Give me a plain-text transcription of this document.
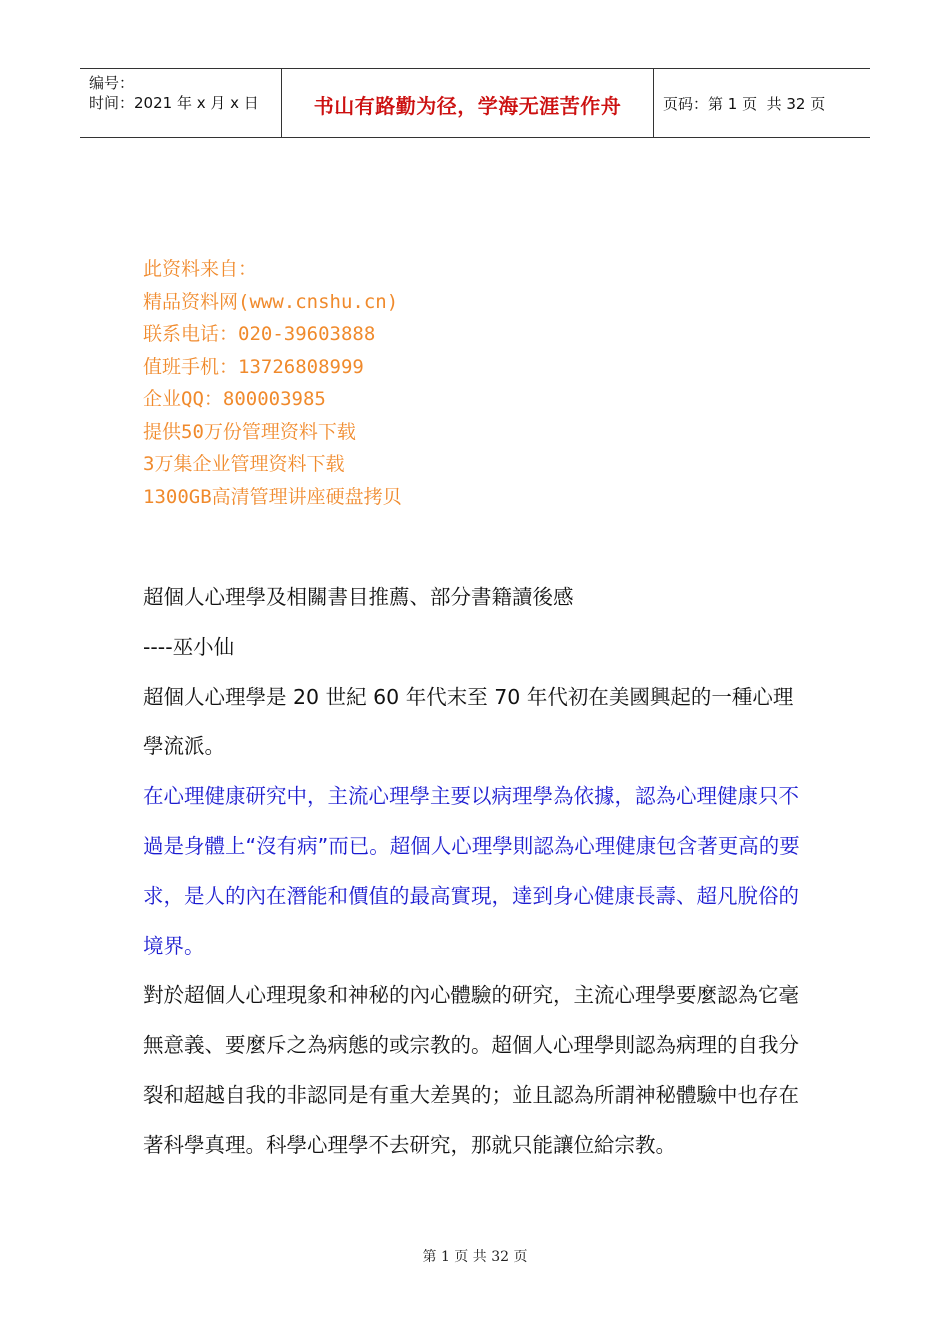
编号：
时间：2021 年 x 月 x 日	书山有路勤为径，学海无涯苦作舟	页码：第 1 页  共 32 页
此资料来自：
精品资料网(www.cnshu.cn)
联系电话：020-39603888
值班手机：13726808999
企业QQ：800003985
提供50万份管理资料下载
3万集企业管理资料下载
1300GB高清管理讲座硬盘拷贝

超個人心理學及相關書目推薦、部分書籍讀後感

----巫小仙

超個人心理學是 20 世紀 60 年代末至 70 年代初在美國興起的一種心理學流派。

在心理健康研究中，主流心理學主要以病理學為依據，認為心理健康只不過是身體上“沒有病”而已。超個人心理學則認為心理健康包含著更高的要求，是人的內在潛能和價值的最高實現，達到身心健康長壽、超凡脫俗的境界。

對於超個人心理現象和神秘的內心體驗的研究，主流心理學要麼認為它毫無意義、要麼斥之為病態的或宗教的。超個人心理學則認為病理的自我分裂和超越自我的非認同是有重大差異的；並且認為所謂神秘體驗中也存在著科學真理。科學心理學不去研究，那就只能讓位給宗教。

第 1 页 共 32 页
